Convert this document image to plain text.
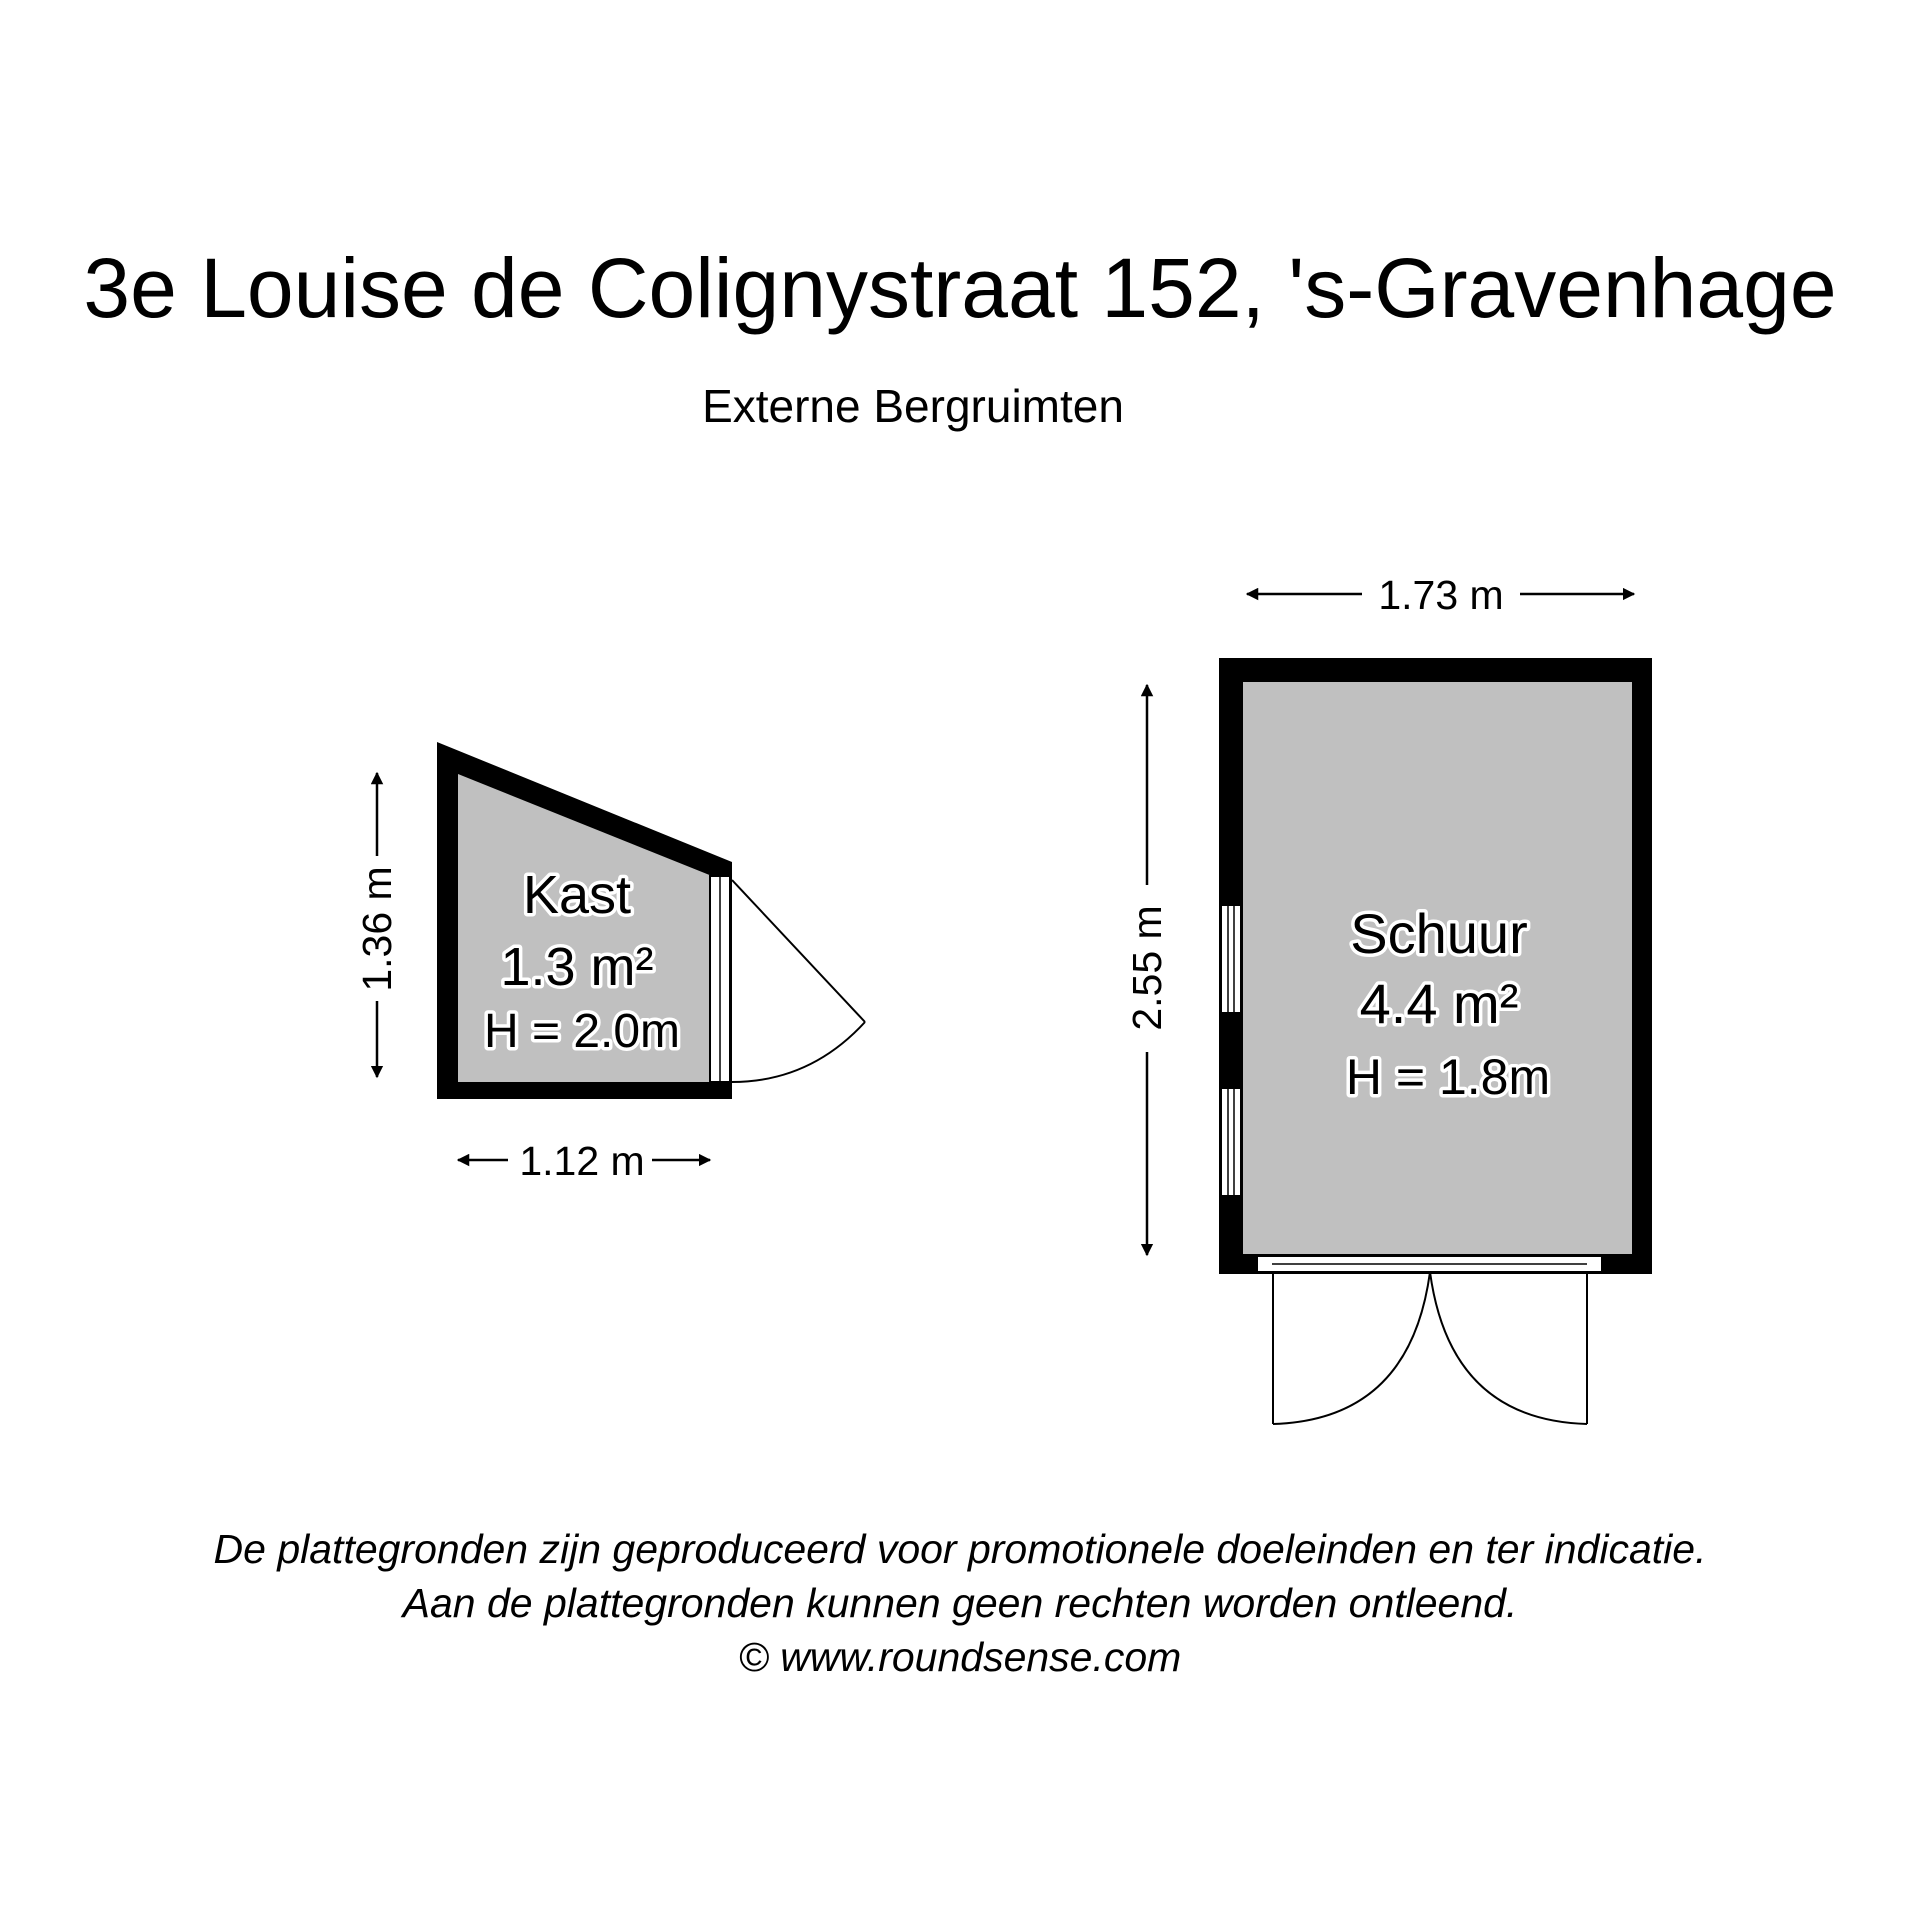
3e Louise de Colignystraat 152, 's-Gravenhage
Externe Bergruimten
Kast
1.3 m²
H = 2.0m
1.36 m
1.12 m
Schuur
4.4 m²
H = 1.8m
1.73 m
2.55 m
De plattegronden zijn geproduceerd voor promotionele doeleinden en ter indicatie.
Aan de plattegronden kunnen geen rechten worden ontleend.
© www.roundsense.com
